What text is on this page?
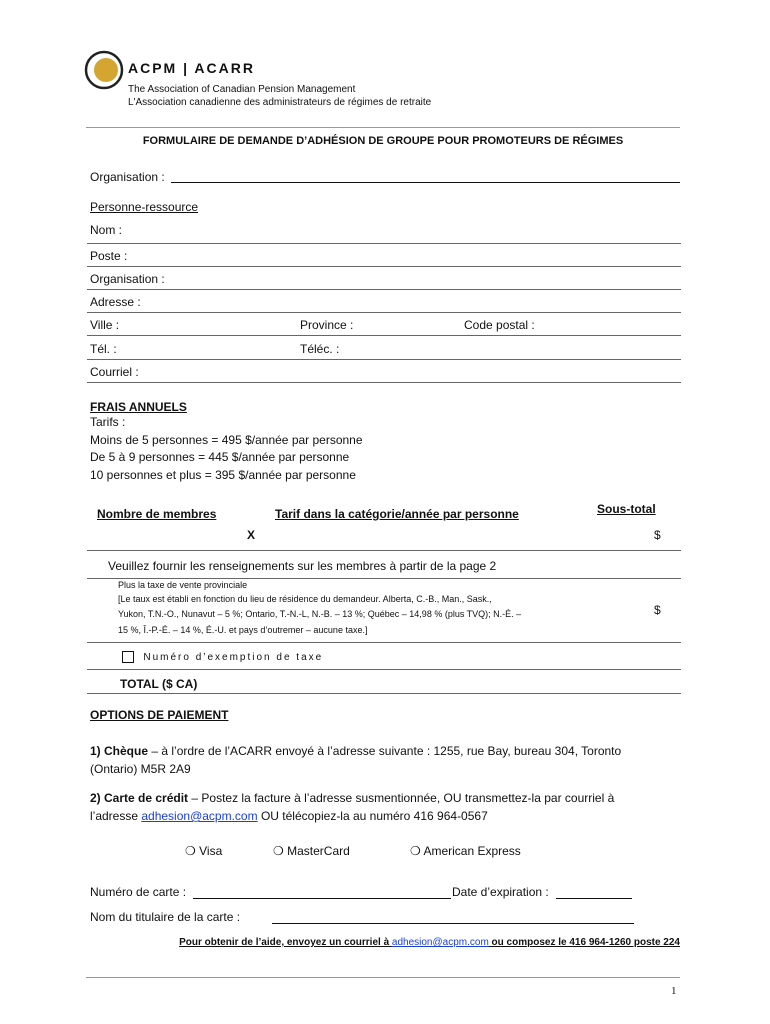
ACPM | ACARR
The Association of Canadian Pension Management
L'Association canadienne des administrateurs de régimes de retraite
FORMULAIRE DE DEMANDE D’ADHÉSION DE GROUPE POUR PROMOTEURS DE RÉGIMES
Organisation :
Personne-ressource
Nom :
Poste :
Organisation :
Adresse :
Ville :	Province :	Code postal :
Tél. :	Téléc. :
Courriel :
FRAIS ANNUELS
Tarifs :
Moins de 5 personnes = 495 $/année par personne
De 5 à 9 personnes = 445 $/année par personne
10 personnes et plus = 395 $/année par personne
Nombre de membres	Tarif dans la catégorie/année par personne	Sous-total
X	$
Veuillez fournir les renseignements sur les membres à partir de la page 2
Plus la taxe de vente provinciale
[Le taux est établi en fonction du lieu de résidence du demandeur. Alberta, C.-B., Man., Sask.,
Yukon, T.N.-O., Nunavut – 5 %; Ontario, T.-N.-L, N.-B. – 13 %; Québec – 14,98 % (plus TVQ); N.-É. –
15 %, Î.-P.-É. – 14 %, É.-U. et pays d’outremer – aucune taxe.]
$
Numéro d’exemption de taxe
TOTAL ($ CA)
OPTIONS DE PAIEMENT
1) Chèque – à l’ordre de l’ACARR envoyé à l’adresse suivante : 1255, rue Bay, bureau 304, Toronto
(Ontario) M5R 2A9
2) Carte de crédit – Postez la facture à l’adresse susmentionnée, OU transmettez-la par courriel à
l’adresse adhesion@acpm.com OU télécopiez-la au numéro 416 964-0567
❍ Visa	❍ MasterCard	❍ American Express
Numéro de carte :	Date d’expiration :
Nom du titulaire de la carte :
Pour obtenir de l’aide, envoyez un courriel à adhesion@acpm.com ou composez le 416 964-1260 poste 224
1
